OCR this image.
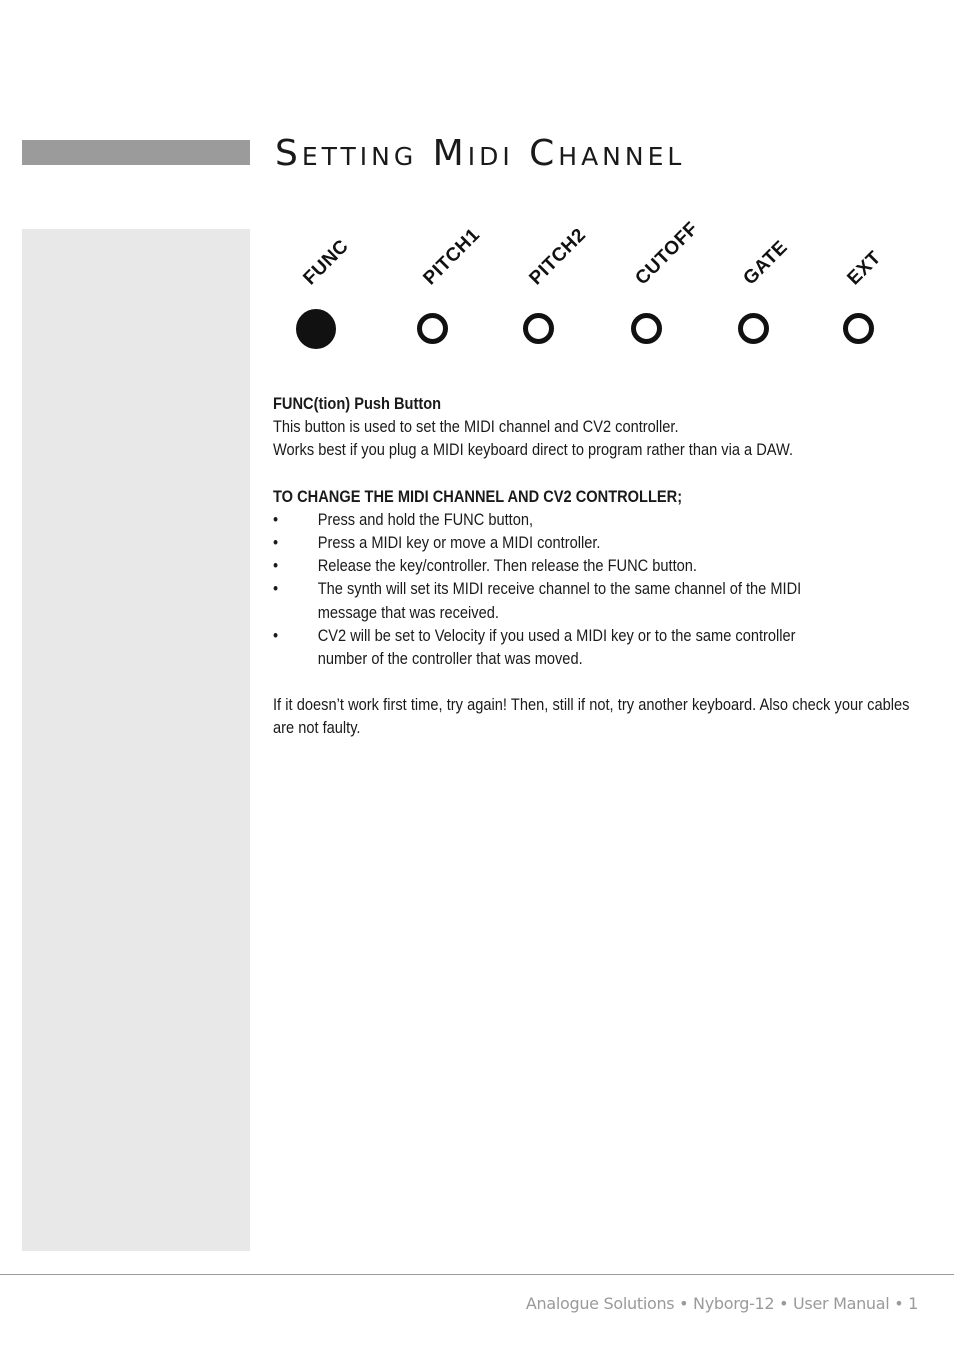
Setting Midi Channel
FUNC	PITCH1 PITCH2 CUTOFF GATE	EXT

FUNC(tion) Push Button

This button is used to set the MIDI channel and CV2 controller.

Works best if you plug a MIDI keyboard direct to program rather than via a DAW.

TO CHANGE THE MIDI CHANNEL AND CV2 CONTROLLER;

• Press and hold the FUNC button,
• Press a MIDI key or move a MIDI controller.
• Release the key/controller. Then release the FUNC button.
• The synth will set its MIDI receive channel to the same channel of the MIDI message that was received.
• CV2 will be set to Velocity if you used a MIDI key or to the same controller number of the controller that was moved.

If it doesn’t work first time, try again! Then, still if not, try another keyboard. Also check your cables are not faulty.

Analogue Solutions • Nyborg-12 • User Manual • 1
